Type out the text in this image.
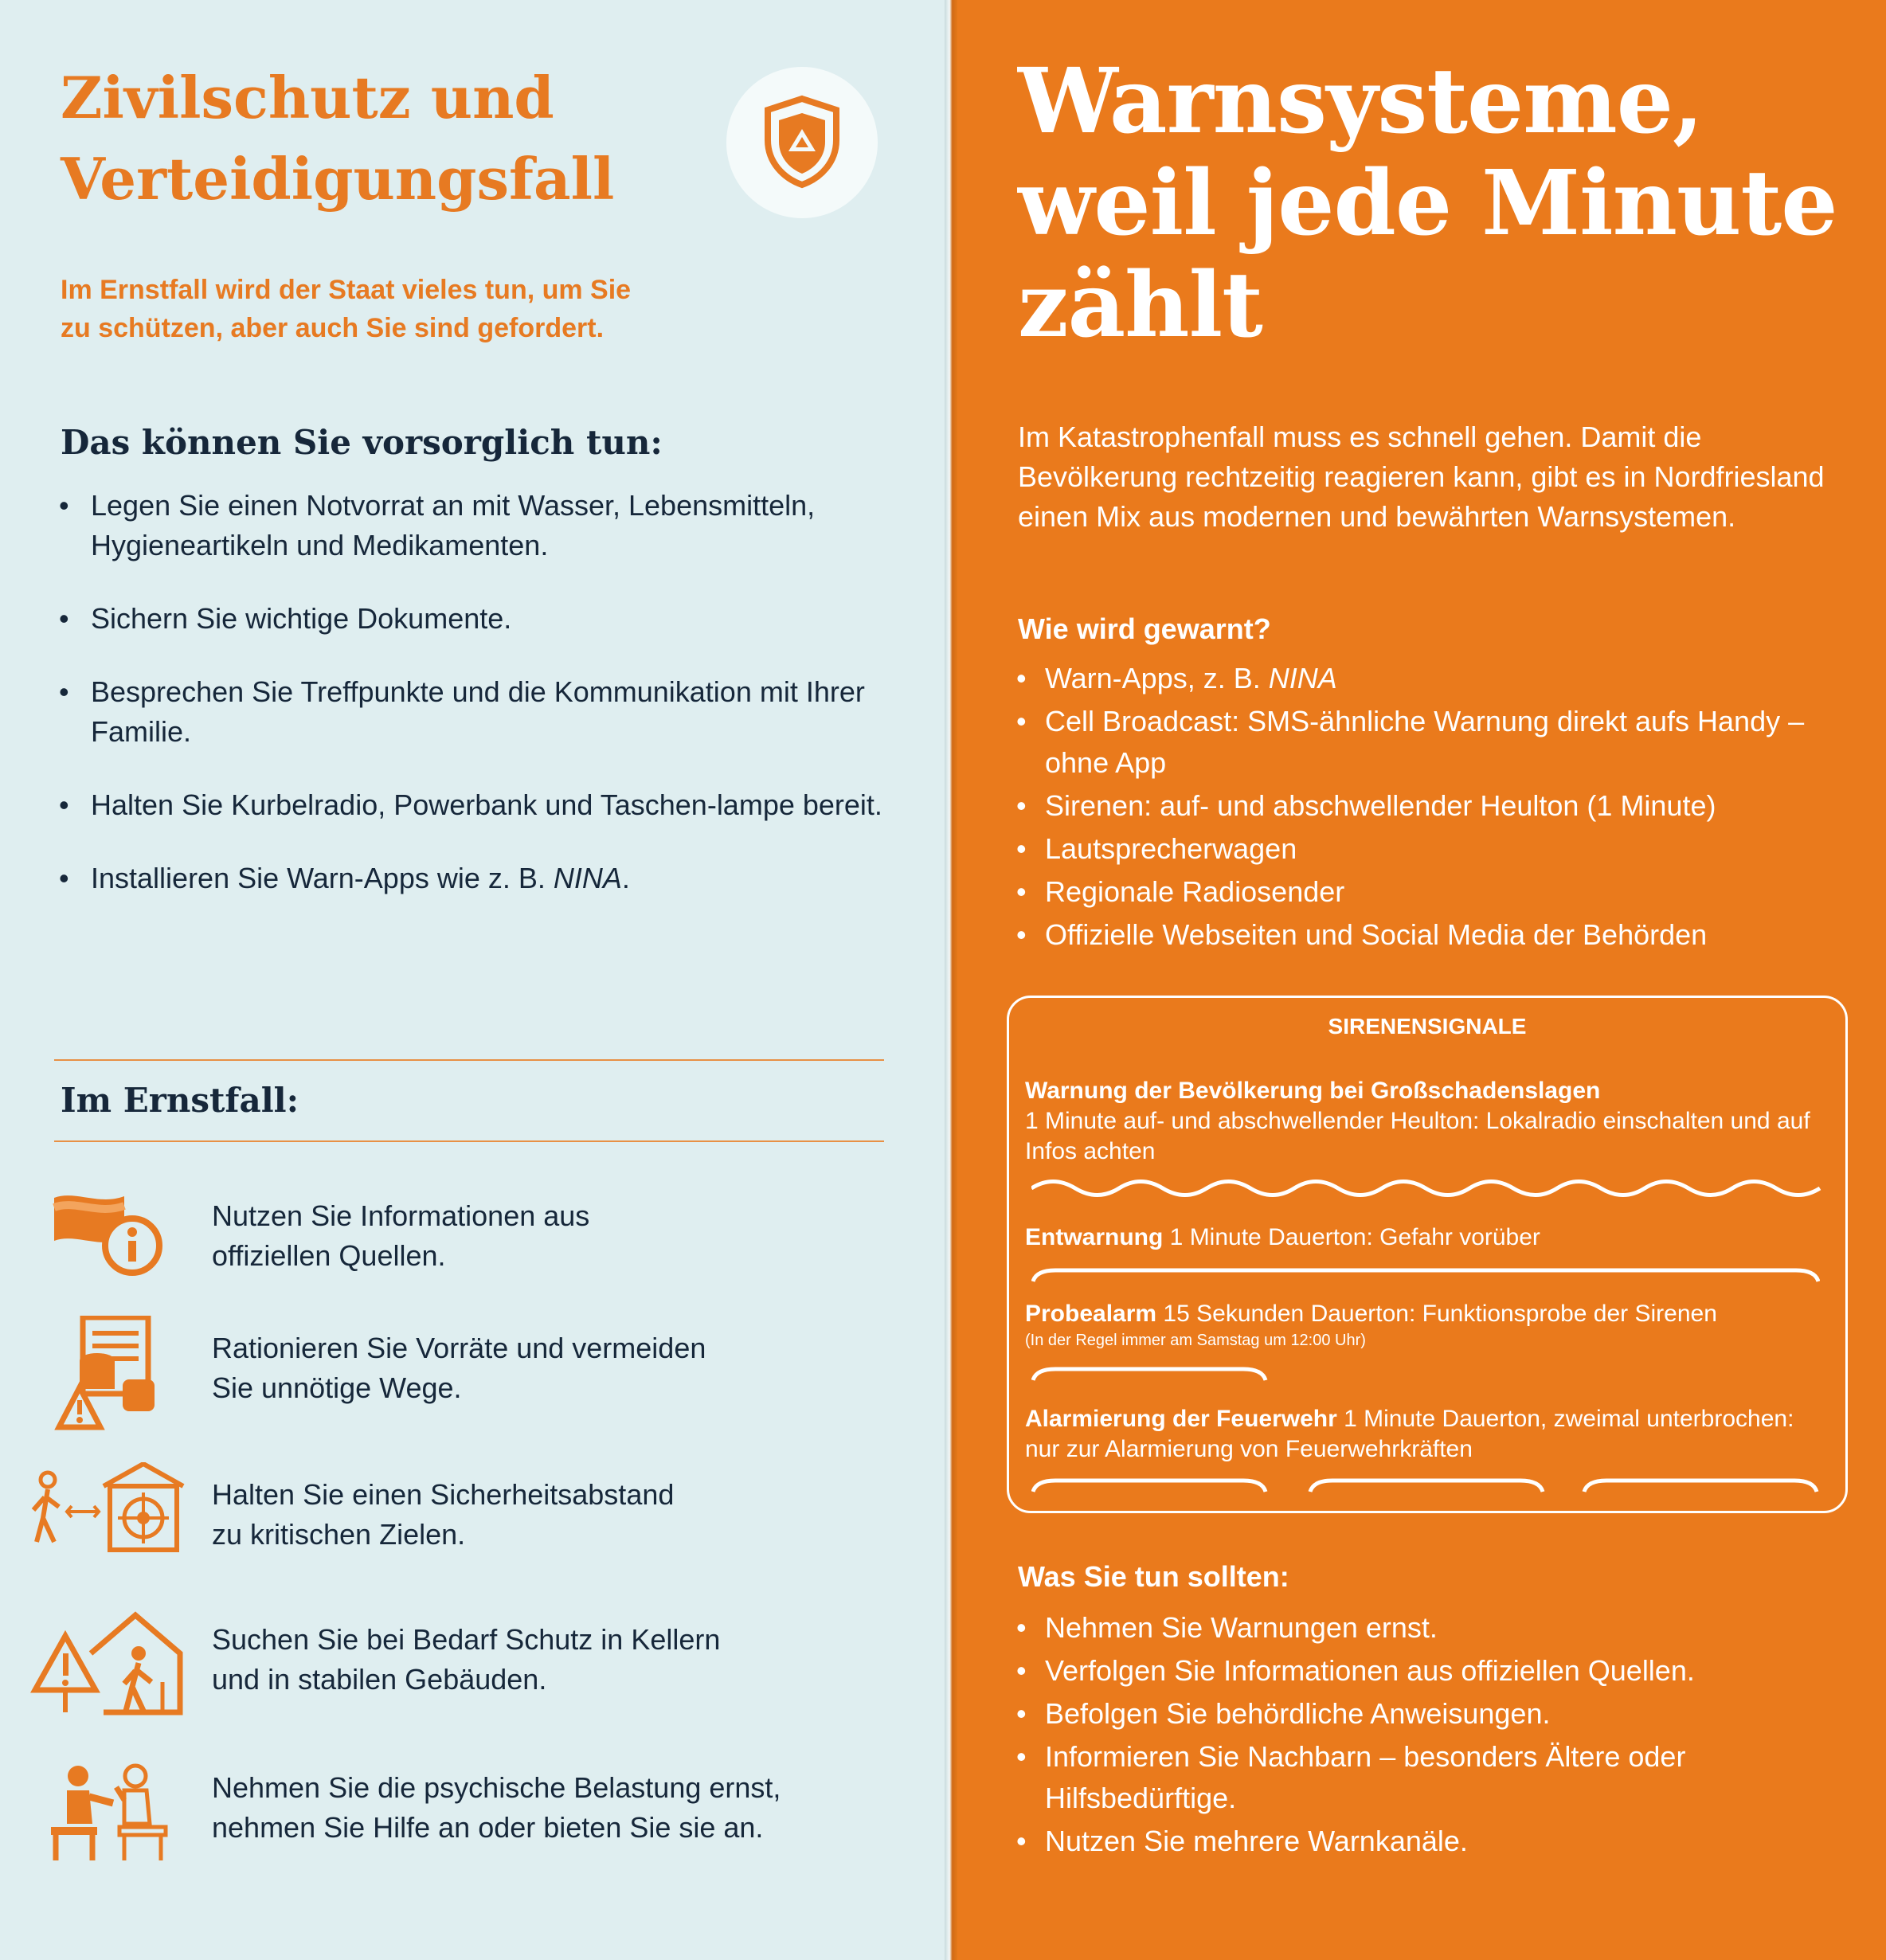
Zivilschutz und
Verteidigungsfall

Im Ernstfall wird der Staat vieles tun, um Sie
zu schützen, aber auch Sie sind gefordert.

Das können Sie vorsorglich tun:
• Legen Sie einen Notvorrat an mit Wasser, Lebensmitteln, Hygieneartikeln und Medikamenten.
• Sichern Sie wichtige Dokumente.
• Besprechen Sie Treffpunkte und die Kommunikation mit Ihrer Familie.
• Halten Sie Kurbelradio, Powerbank und Taschen-lampe bereit.
• Installieren Sie Warn-Apps wie z. B. NINA.
Im Ernstfall:

Nutzen Sie Informationen aus
offiziellen Quellen.

Rationieren Sie Vorräte und vermeiden
Sie unnötige Wege.

Halten Sie einen Sicherheitsabstand
zu kritischen Zielen.

Suchen Sie bei Bedarf Schutz in Kellern
und in stabilen Gebäuden.

Nehmen Sie die psychische Belastung ernst,
nehmen Sie Hilfe an oder bieten Sie sie an.

Warnsysteme,
weil jede Minute
zählt

Im Katastrophenfall muss es schnell gehen. Damit die Bevölkerung rechtzeitig reagieren kann, gibt es in Nordfriesland einen Mix aus modernen und bewährten Warnsystemen.

Wie wird gewarnt?
• Warn-Apps, z. B. NINA
• Cell Broadcast: SMS-ähnliche Warnung direkt aufs Handy – ohne App
• Sirenen: auf- und abschwellender Heulton (1 Minute)
• Lautsprecherwagen
• Regionale Radiosender
• Offizielle Webseiten und Social Media der Behörden

SIRENENSIGNALE

Warnung der Bevölkerung bei Großschadenslagen
1 Minute auf- und abschwellender Heulton: Lokalradio einschalten und auf Infos achten

Entwarnung 1 Minute Dauerton: Gefahr vorüber

Probealarm 15 Sekunden Dauerton: Funktionsprobe der Sirenen
(In der Regel immer am Samstag um 12:00 Uhr)

Alarmierung der Feuerwehr 1 Minute Dauerton, zweimal unterbrochen: nur zur Alarmierung von Feuerwehrkräften

Was Sie tun sollten:
• Nehmen Sie Warnungen ernst.
• Verfolgen Sie Informationen aus offiziellen Quellen.
• Befolgen Sie behördliche Anweisungen.
• Informieren Sie Nachbarn – besonders Ältere oder Hilfsbedürftige.
• Nutzen Sie mehrere Warnkanäle.
